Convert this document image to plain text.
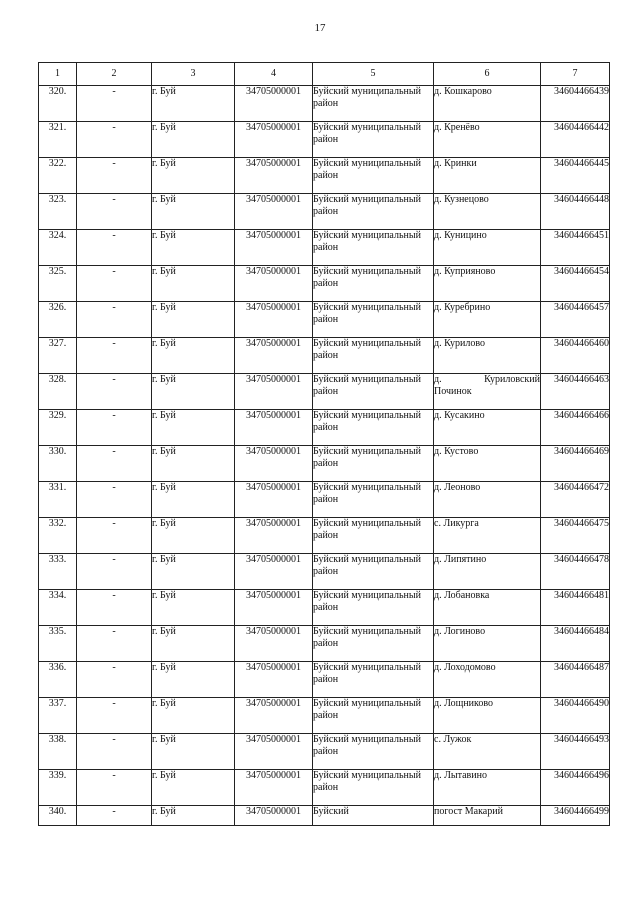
17
1	2	3	4	5	6	7
320.	-	г. Буй	34705000001	Буйский муниципальный район	д. Кошкарово	34604466439
321.	-	г. Буй	34705000001	Буйский муниципальный район	д. Кренёво	34604466442
322.	-	г. Буй	34705000001	Буйский муниципальный район	д. Кринки	34604466445
323.	-	г. Буй	34705000001	Буйский муниципальный район	д. Кузнецово	34604466448
324.	-	г. Буй	34705000001	Буйский муниципальный район	д. Куницино	34604466451
325.	-	г. Буй	34705000001	Буйский муниципальный район	д. Куприяново	34604466454
326.	-	г. Буй	34705000001	Буйский муниципальный район	д. Куребрино	34604466457
327.	-	г. Буй	34705000001	Буйский муниципальный район	д. Курилово	34604466460
328.	-	г. Буй	34705000001	Буйский муниципальный район	д. Куриловский Починок	34604466463
329.	-	г. Буй	34705000001	Буйский муниципальный район	д. Кусакино	34604466466
330.	-	г. Буй	34705000001	Буйский муниципальный район	д. Кустово	34604466469
331.	-	г. Буй	34705000001	Буйский муниципальный район	д. Леоново	34604466472
332.	-	г. Буй	34705000001	Буйский муниципальный район	с. Ликурга	34604466475
333.	-	г. Буй	34705000001	Буйский муниципальный район	д. Липятино	34604466478
334.	-	г. Буй	34705000001	Буйский муниципальный район	д. Лобановка	34604466481
335.	-	г. Буй	34705000001	Буйский муниципальный район	д. Логиново	34604466484
336.	-	г. Буй	34705000001	Буйский муниципальный район	д. Лоходомово	34604466487
337.	-	г. Буй	34705000001	Буйский муниципальный район	д. Лощниково	34604466490
338.	-	г. Буй	34705000001	Буйский муниципальный район	с. Лужок	34604466493
339.	-	г. Буй	34705000001	Буйский муниципальный район	д. Лытавино	34604466496
340.	-	г. Буй	34705000001	Буйский	погост Макарий	34604466499
